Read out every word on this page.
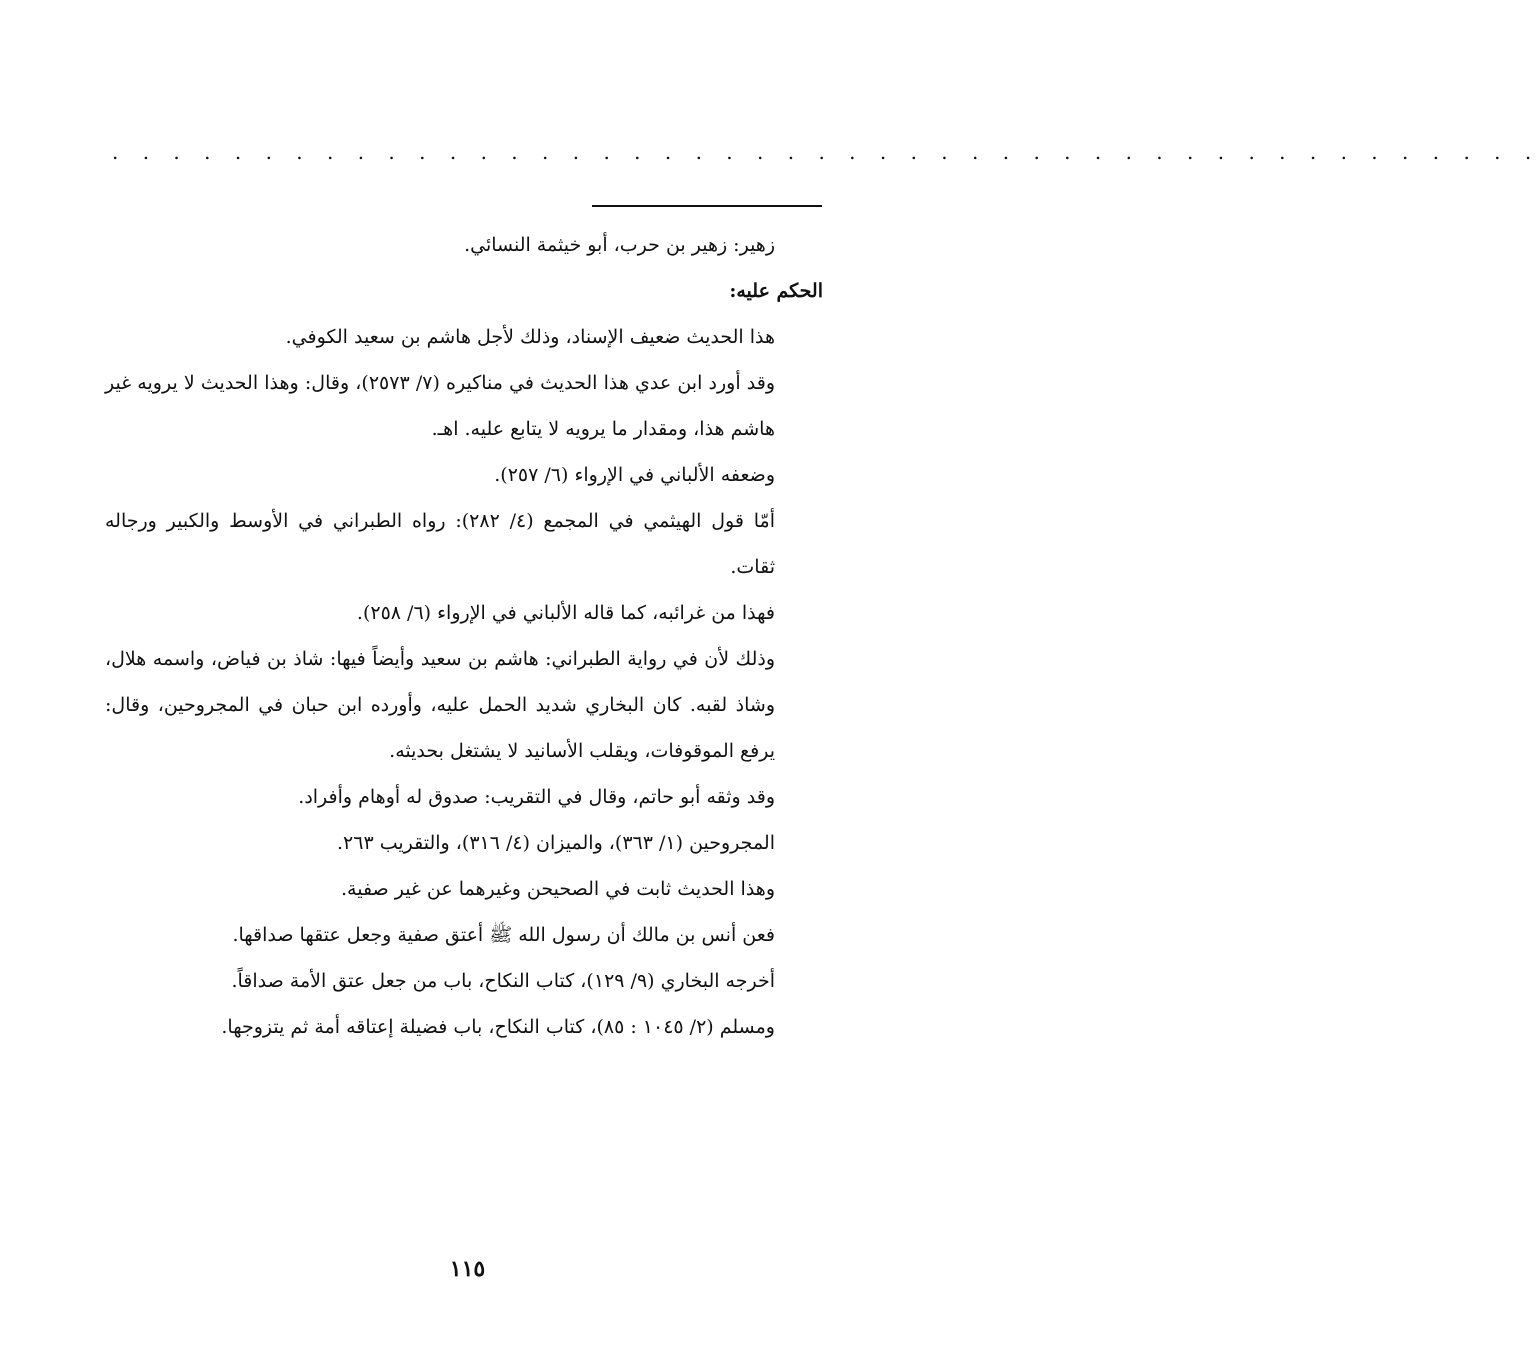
. . . . . . . . . . . . . . . . . . . . . . . . . . . . . . . . . . . . . . . . . . . . . . .

زهير: زهير بن حرب، أبو خيثمة النسائي.

الحكم عليه:

هذا الحديث ضعيف الإسناد، وذلك لأجل هاشم بن سعيد الكوفي.

وقد أورد ابن عدي هذا الحديث في مناكيره (٧/ ٢٥٧٣)، وقال: وهذا الحديث لا يرويه غير هاشم هذا، ومقدار ما يرويه لا يتابع عليه. اهـ.

وضعفه الألباني في الإرواء (٦/ ٢٥٧).

أمّا قول الهيثمي في المجمع (٤/ ٢٨٢): رواه الطبراني في الأوسط والكبير ورجاله ثقات.

فهذا من غرائبه، كما قاله الألباني في الإرواء (٦/ ٢٥٨).

وذلك لأن في رواية الطبراني: هاشم بن سعيد وأيضاً فيها: شاذ بن فياض، واسمه هلال، وشاذ لقبه. كان البخاري شديد الحمل عليه، وأورده ابن حبان في المجروحين، وقال: يرفع الموقوفات، ويقلب الأسانيد لا يشتغل بحديثه.

وقد وثقه أبو حاتم، وقال في التقريب: صدوق له أوهام وأفراد.

المجروحين (١/ ٣٦٣)، والميزان (٤/ ٣١٦)، والتقريب ٢٦٣.

وهذا الحديث ثابت في الصحيحن وغيرهما عن غير صفية.

فعن أنس بن مالك أن رسول الله ﷺ أعتق صفية وجعل عتقها صداقها.

أخرجه البخاري (٩/ ١٢٩)، كتاب النكاح، باب من جعل عتق الأمة صداقاً.

ومسلم (٢/ ١٠٤٥ : ٨٥)، كتاب النكاح، باب فضيلة إعتاقه أمة ثم يتزوجها.

١١٥
